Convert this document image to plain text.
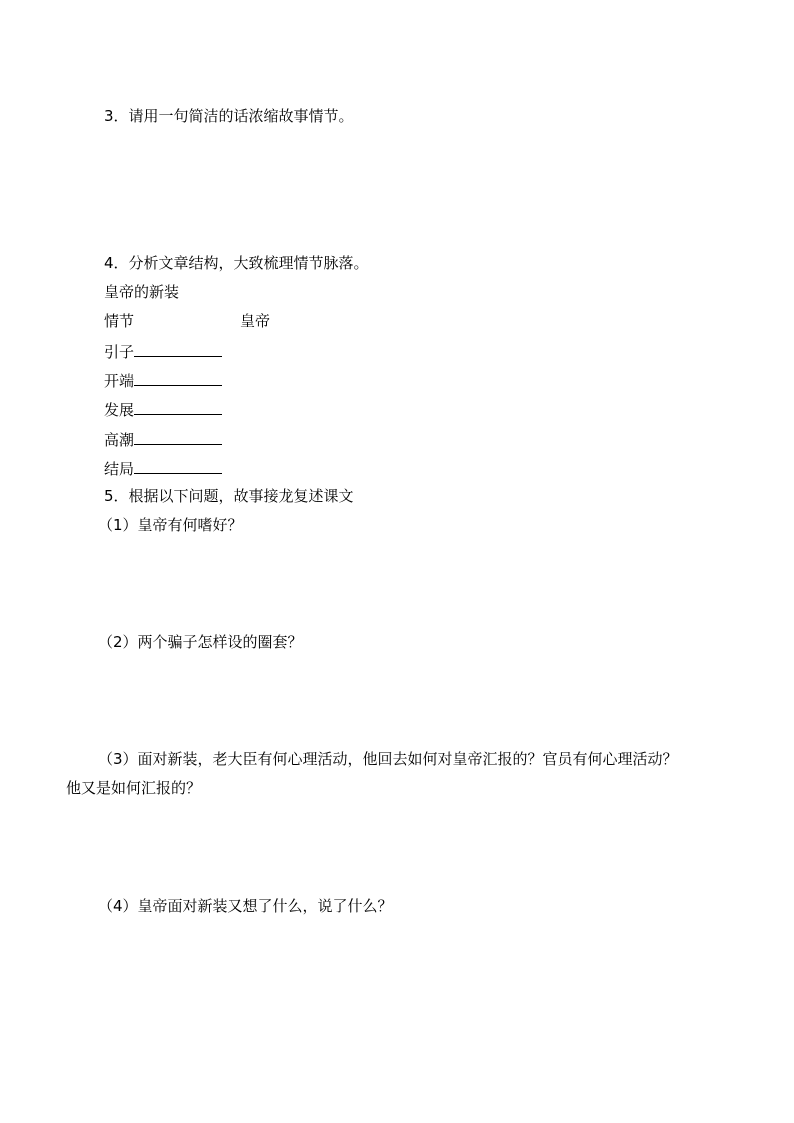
3．请用一句简洁的话浓缩故事情节。
4．分析文章结构，大致梳理情节脉落。
皇帝的新装
情节	皇帝
引子
开端
发展
高潮
结局
5．根据以下问题，故事接龙复述课文
（1）皇帝有何嗜好？
（2）两个骗子怎样设的圈套？
（3）面对新装，老大臣有何心理活动，他回去如何对皇帝汇报的？官员有何心理活动？
他又是如何汇报的？
（4）皇帝面对新装又想了什么，说了什么？
